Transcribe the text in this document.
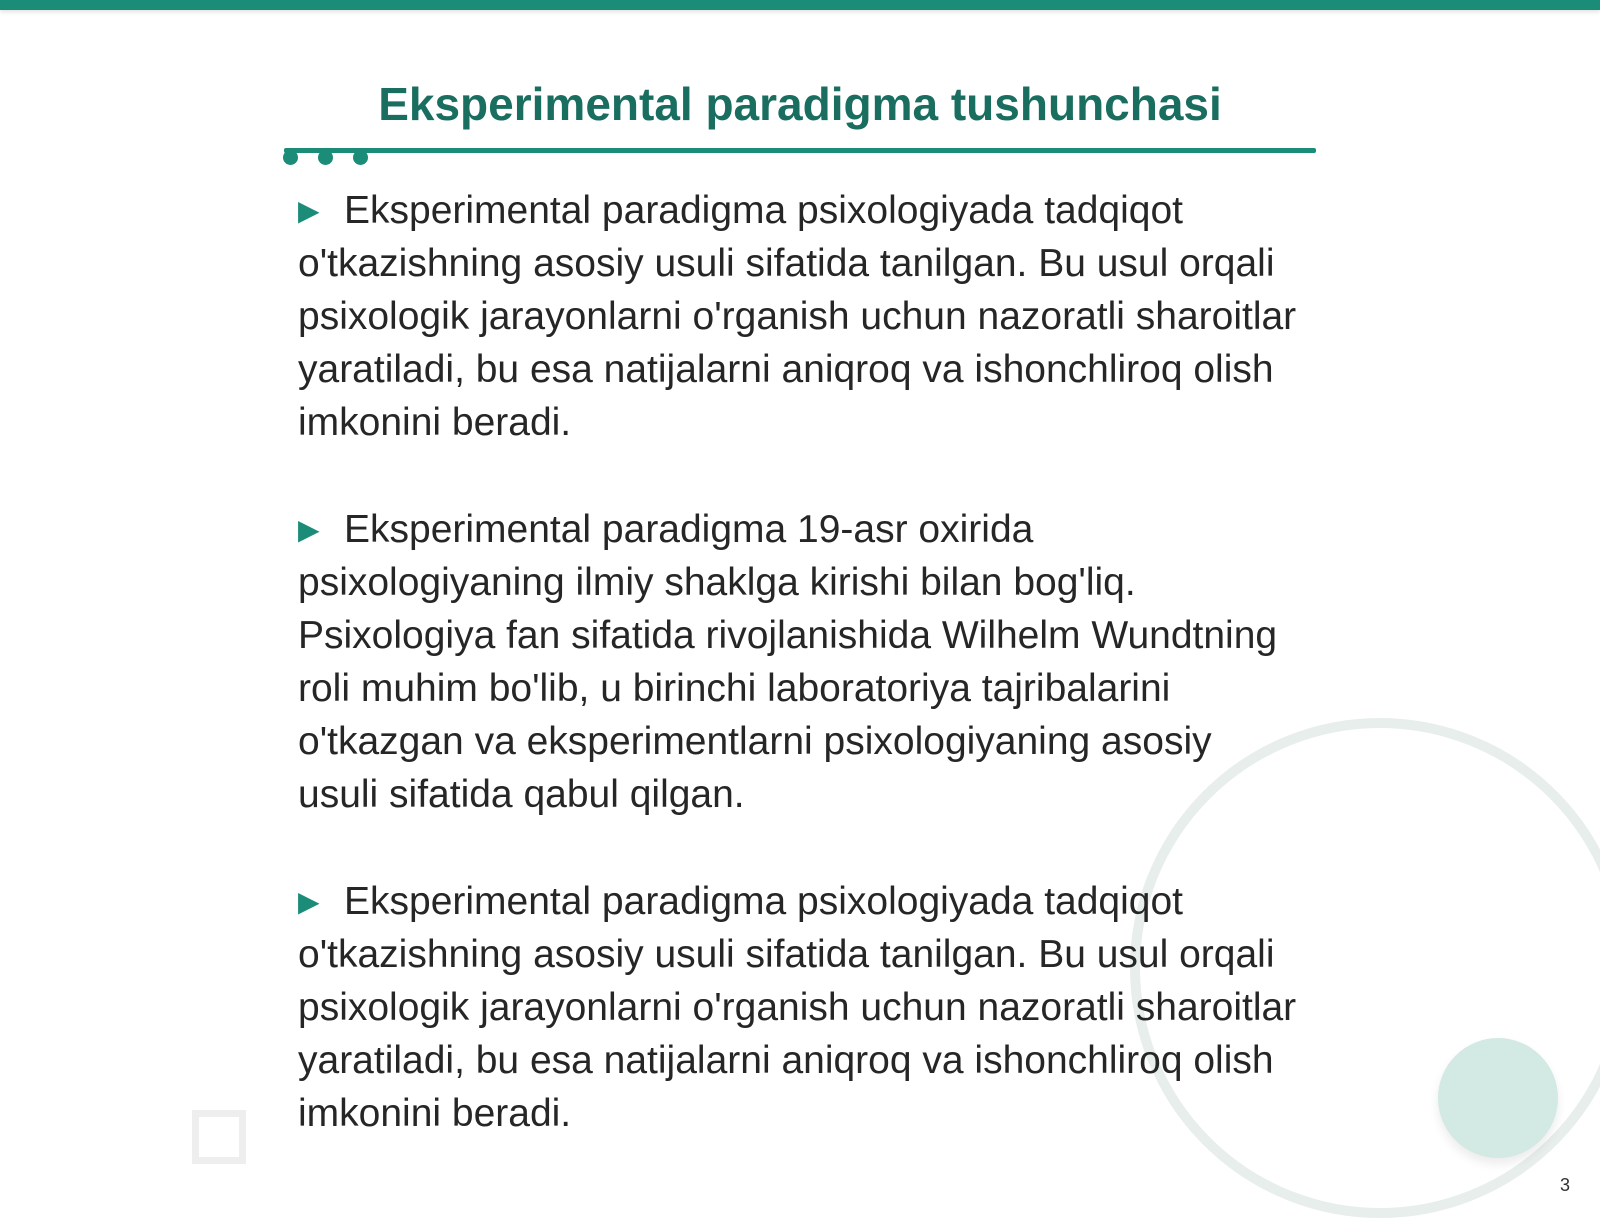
Eksperimental paradigma tushunchasi

▶ Eksperimental paradigma psixologiyada tadqiqot o'tkazishning asosiy usuli sifatida tanilgan. Bu usul orqali psixologik jarayonlarni o'rganish uchun nazoratli sharoitlar yaratiladi, bu esa natijalarni aniqroq va ishonchliroq olish imkonini beradi.

▶ Eksperimental paradigma 19-asr oxirida psixologiyaning ilmiy shaklga kirishi bilan bog'liq. Psixologiya fan sifatida rivojlanishida Wilhelm Wundtning roli muhim bo'lib, u birinchi laboratoriya tajribalarini o'tkazgan va eksperimentlarni psixologiyaning asosiy usuli sifatida qabul qilgan.

▶ Eksperimental paradigma psixologiyada tadqiqot o'tkazishning asosiy usuli sifatida tanilgan. Bu usul orqali psixologik jarayonlarni o'rganish uchun nazoratli sharoitlar yaratiladi, bu esa natijalarni aniqroq va ishonchliroq olish imkonini beradi.

3
